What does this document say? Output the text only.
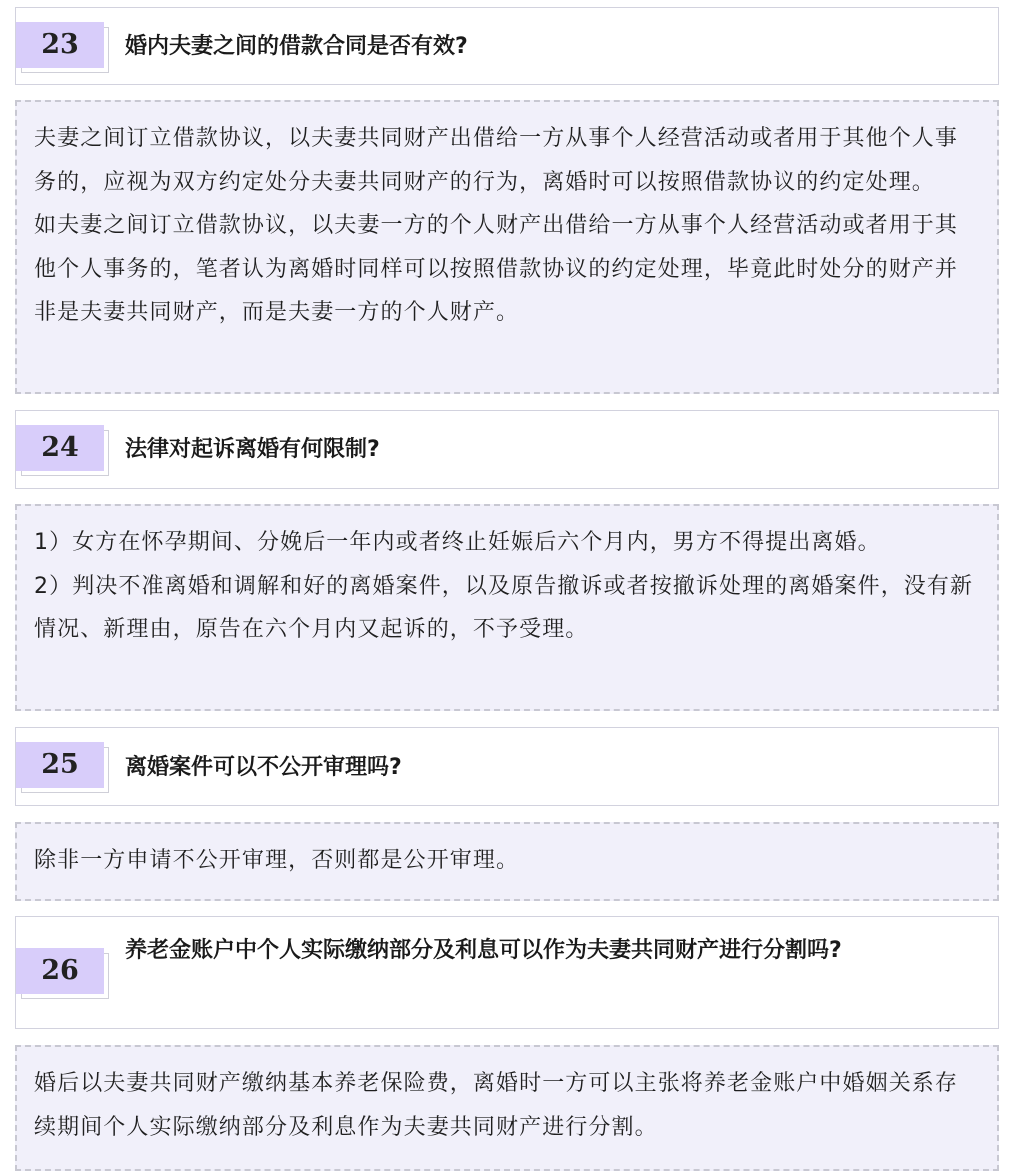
23	婚内夫妻之间的借款合同是否有效?

夫妻之间订立借款协议，以夫妻共同财产出借给一方从事个人经营活动或者用于其他个人事务的，应视为双方约定处分夫妻共同财产的行为，离婚时可以按照借款协议的约定处理。

如夫妻之间订立借款协议，以夫妻一方的个人财产出借给一方从事个人经营活动或者用于其他个人事务的，笔者认为离婚时同样可以按照借款协议的约定处理，毕竟此时处分的财产并非是夫妻共同财产，而是夫妻一方的个人财产。

24	法律对起诉离婚有何限制?

1）女方在怀孕期间、分娩后一年内或者终止妊娠后六个月内，男方不得提出离婚。

2）判决不准离婚和调解和好的离婚案件，以及原告撤诉或者按撤诉处理的离婚案件，没有新情况、新理由，原告在六个月内又起诉的，不予受理。

25	离婚案件可以不公开审理吗?

除非一方申请不公开审理，否则都是公开审理。

26
养老金账户中个人实际缴纳部分及利息可以作为夫妻共同财产进行分割吗?

婚后以夫妻共同财产缴纳基本养老保险费，离婚时一方可以主张将养老金账户中婚姻关系存续期间个人实际缴纳部分及利息作为夫妻共同财产进行分割。
